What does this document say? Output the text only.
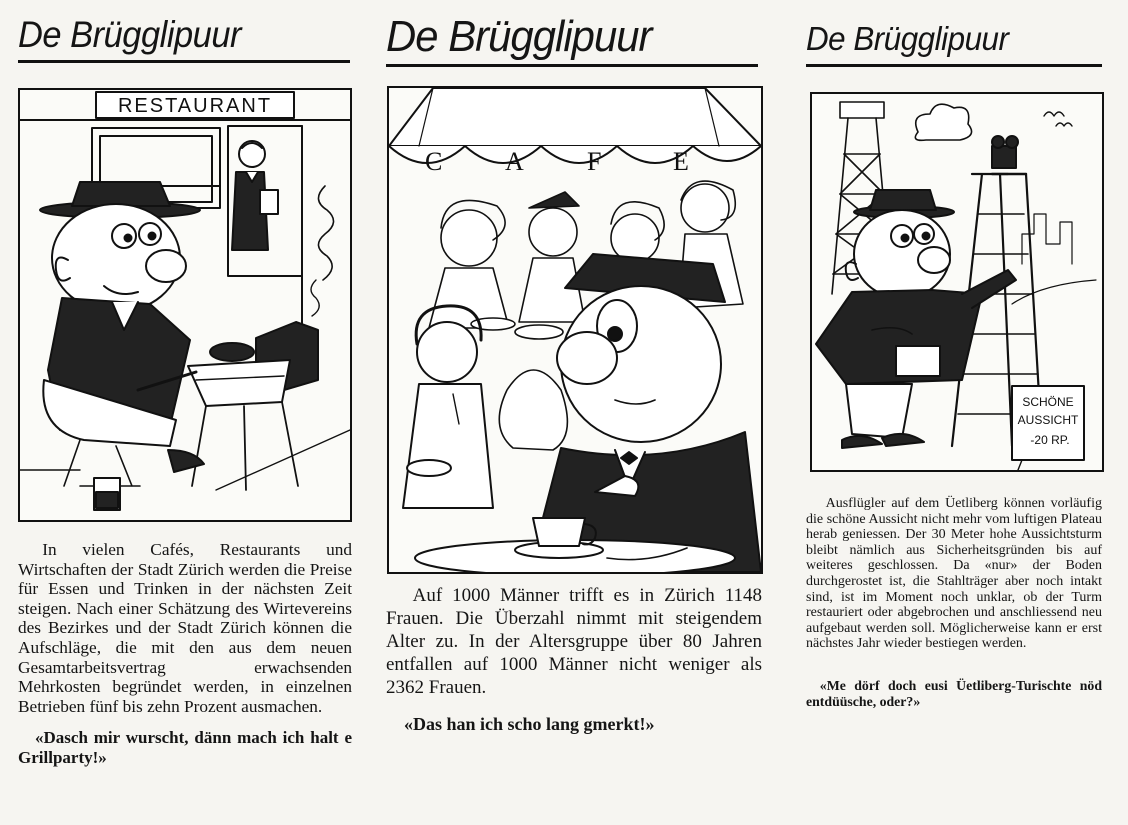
De Brügglipuur
RESTAURANT

In vielen Cafés, Restaurants und Wirtschaften der Stadt Zürich werden die Preise für Essen und Trinken in der nächsten Zeit steigen. Nach einer Schätzung des Wirtevereins des Bezirkes und der Stadt Zürich können die Aufschläge, die mit den aus dem neuen Gesamtarbeitsvertrag erwachsenden Mehrkosten begründet werden, in einzelnen Betrieben fünf bis zehn Prozent ausmachen.

«Dasch mir wurscht, dänn mach ich halt e Grillparty!»

De Brügglipuur
C A F	E

Auf 1000 Männer trifft es in Zürich 1148 Frauen. Die Überzahl nimmt mit steigendem Alter zu. In der Altersgruppe über 80 Jahren entfallen auf 1000 Männer nicht weniger als 2362 Frauen.

«Das han ich scho lang gmerkt!»

De Brügglipuur
SCHÖNE
AUSSICHT
-20 RP.

Ausflügler auf dem Üetliberg können vorläufig die schöne Aussicht nicht mehr vom luftigen Plateau herab geniessen. Der 30 Meter hohe Aussichtsturm bleibt nämlich aus Sicherheitsgründen bis auf weiteres geschlossen. Da «nur» der Boden durchgerostet ist, die Stahlträger aber noch intakt sind, ist im Moment noch unklar, ob der Turm restauriert oder abgebrochen und anschliessend neu aufgebaut werden soll. Möglicherweise kann er erst nächstes Jahr wieder bestiegen werden.

«Me dörf doch eusi Üetliberg-Turischte nöd entdüüsche, oder?»
